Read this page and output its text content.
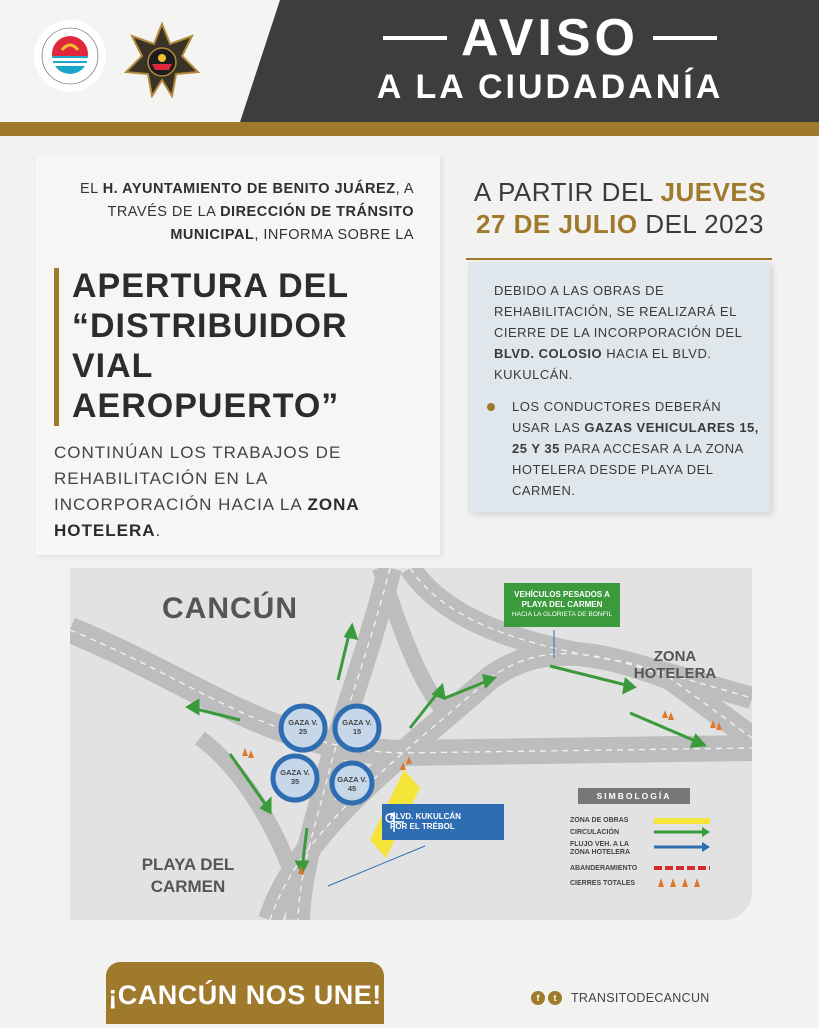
AVISO
A LA CIUDADANÍA
EL H. AYUNTAMIENTO DE BENITO JUÁREZ, A TRAVÉS DE LA DIRECCIÓN DE TRÁNSITO MUNICIPAL, INFORMA SOBRE LA
APERTURA DEL
“DISTRIBUIDOR
VIAL
AEROPUERTO”
CONTINÚAN LOS TRABAJOS DE REHABILITACIÓN EN LA INCORPORACIÓN HACIA LA ZONA HOTELERA.
A PARTIR DEL JUEVES
27 DE JULIO DEL 2023
DEBIDO A LAS OBRAS DE REHABILITACIÓN, SE REALIZARÁ EL CIERRE DE LA INCORPORACIÓN DEL BLVD. COLOSIO HACIA EL BLVD. KUKULCÁN.
LOS CONDUCTORES DEBERÁN USAR LAS GAZAS VEHICULARES 15, 25 Y 35 PARA ACCESAR A LA ZONA HOTELERA DESDE PLAYA DEL CARMEN.
CANCÚN
ZONA HOTELERA
PLAYA DEL CARMEN
VEHÍCULOS PESADOS A PLAYA DEL CARMEN
HACIA LA GLORIETA DE BONFIL
BLVD. KUKULCÁN POR EL TRÉBOL
GAZA V. 25
GAZA V. 15
GAZA V. 35	GAZA V. 45
SIMBOLOGÍA
ZONA DE OBRAS
CIRCULACIÓN
FLUJO VEH. A LA ZONA HOTELERA
ABANDERAMIENTO
CIERRES TOTALES
¡CANCÚN NOS UNE!	f	t	TRANSITODECANCUN
